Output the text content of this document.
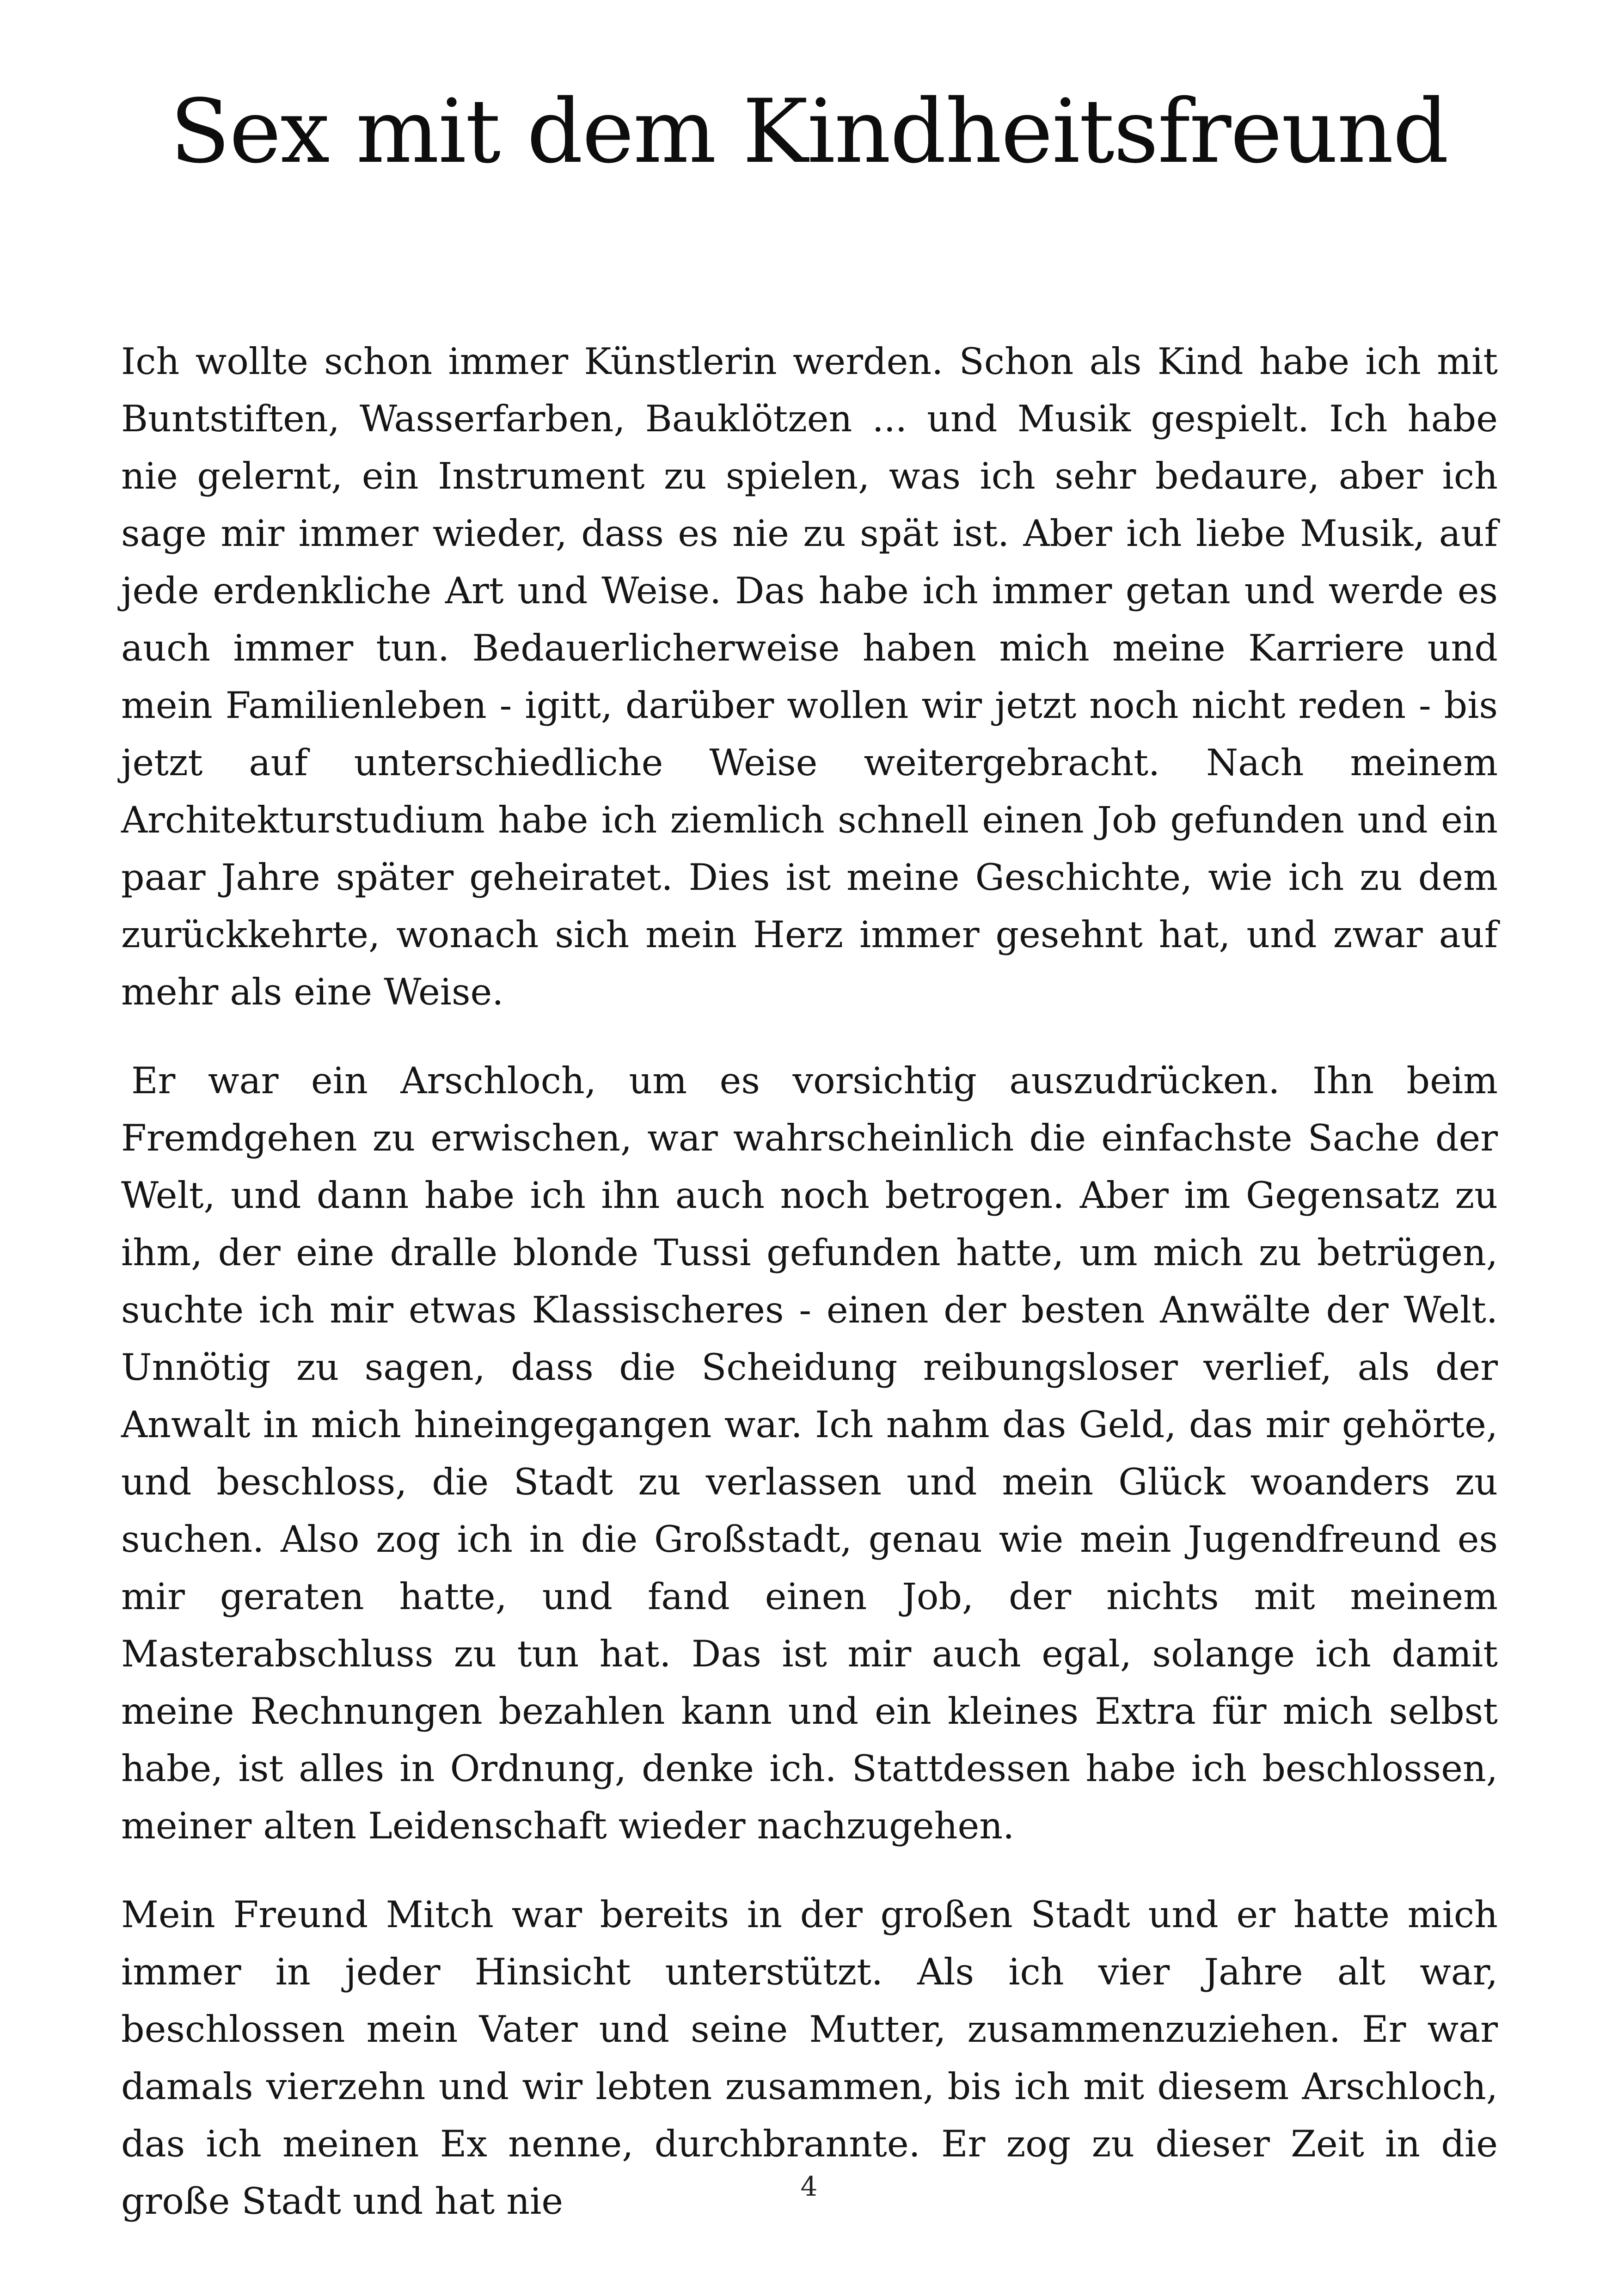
Sex mit dem Kindheitsfreund

Ich wollte schon immer Künstlerin werden. Schon als Kind habe ich mit Buntstiften, Wasserfarben, Bauklötzen ... und Musik gespielt. Ich habe nie gelernt, ein Instrument zu spielen, was ich sehr bedaure, aber ich sage mir immer wieder, dass es nie zu spät ist. Aber ich liebe Musik, auf jede erdenkliche Art und Weise. Das habe ich immer getan und werde es auch immer tun. Bedauerlicherweise haben mich meine Karriere und mein Familienleben - igitt, darüber wollen wir jetzt noch nicht reden - bis jetzt auf unterschiedliche Weise weitergebracht. Nach meinem Architekturstudium habe ich ziemlich schnell einen Job gefunden und ein paar Jahre später geheiratet. Dies ist meine Geschichte, wie ich zu dem zurückkehrte, wonach sich mein Herz immer gesehnt hat, und zwar auf mehr als eine Weise.

Er war ein Arschloch, um es vorsichtig auszudrücken. Ihn beim Fremdgehen zu erwischen, war wahrscheinlich die einfachste Sache der Welt, und dann habe ich ihn auch noch betrogen. Aber im Gegensatz zu ihm, der eine dralle blonde Tussi gefunden hatte, um mich zu betrügen, suchte ich mir etwas Klassischeres - einen der besten Anwälte der Welt. Unnötig zu sagen, dass die Scheidung reibungsloser verlief, als der Anwalt in mich hineingegangen war. Ich nahm das Geld, das mir gehörte, und beschloss, die Stadt zu verlassen und mein Glück woanders zu suchen. Also zog ich in die Großstadt, genau wie mein Jugendfreund es mir geraten hatte, und fand einen Job, der nichts mit meinem Masterabschluss zu tun hat. Das ist mir auch egal, solange ich damit meine Rechnungen bezahlen kann und ein kleines Extra für mich selbst habe, ist alles in Ordnung, denke ich. Stattdessen habe ich beschlossen, meiner alten Leidenschaft wieder nachzugehen.

Mein Freund Mitch war bereits in der großen Stadt und er hatte mich immer in jeder Hinsicht unterstützt. Als ich vier Jahre alt war, beschlossen mein Vater und seine Mutter, zusammenzuziehen. Er war damals vierzehn und wir lebten zusammen, bis ich mit diesem Arschloch, das ich meinen Ex nenne, durchbrannte. Er zog zu dieser Zeit in die große Stadt und hat nie	4
